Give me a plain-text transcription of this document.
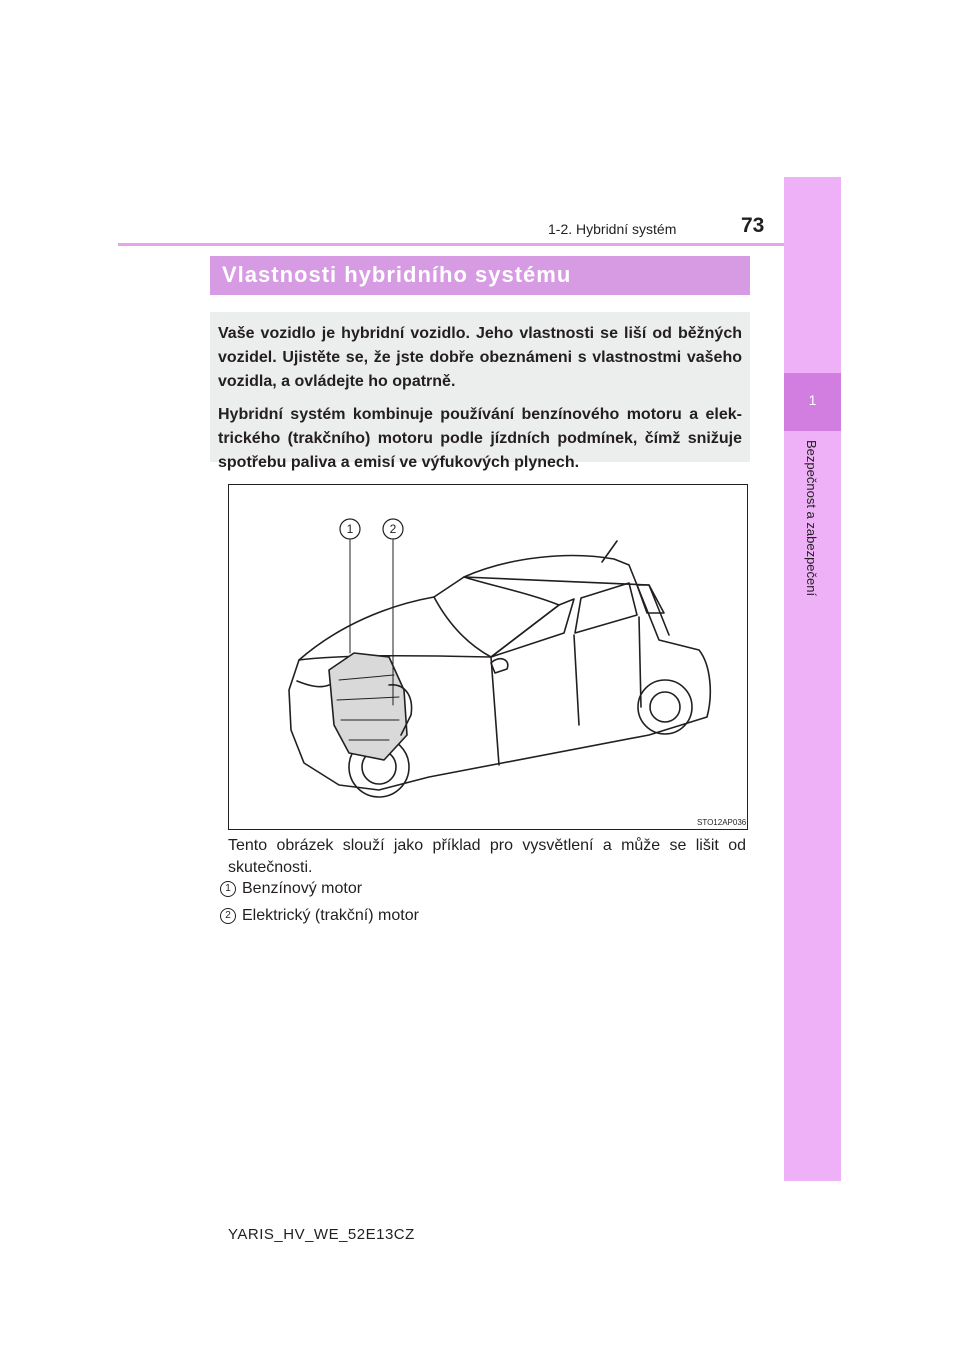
1-2. Hybridní systém	73
1
Bezpečnost a zabezpečení
Vlastnosti hybridního systému

Vaše vozidlo je hybridní vozidlo. Jeho vlastnosti se liší od běžných vozidel. Ujistěte se, že jste dobře obeznámeni s vlastnostmi vašeho vozidla, a ovládejte ho opatrně.

Hybridní systém kombinuje používání benzínového motoru a elektrického (trakčního) motoru podle jízdních podmínek, čímž snižuje spotřebu paliva a emisí ve výfukových plynech.

1	2
STO12AP036
Tento obrázek slouží jako příklad pro vysvětlení a může se lišit od skutečnosti.
1 Benzínový motor
2 Elektrický (trakční) motor
YARIS_HV_WE_52E13CZ
